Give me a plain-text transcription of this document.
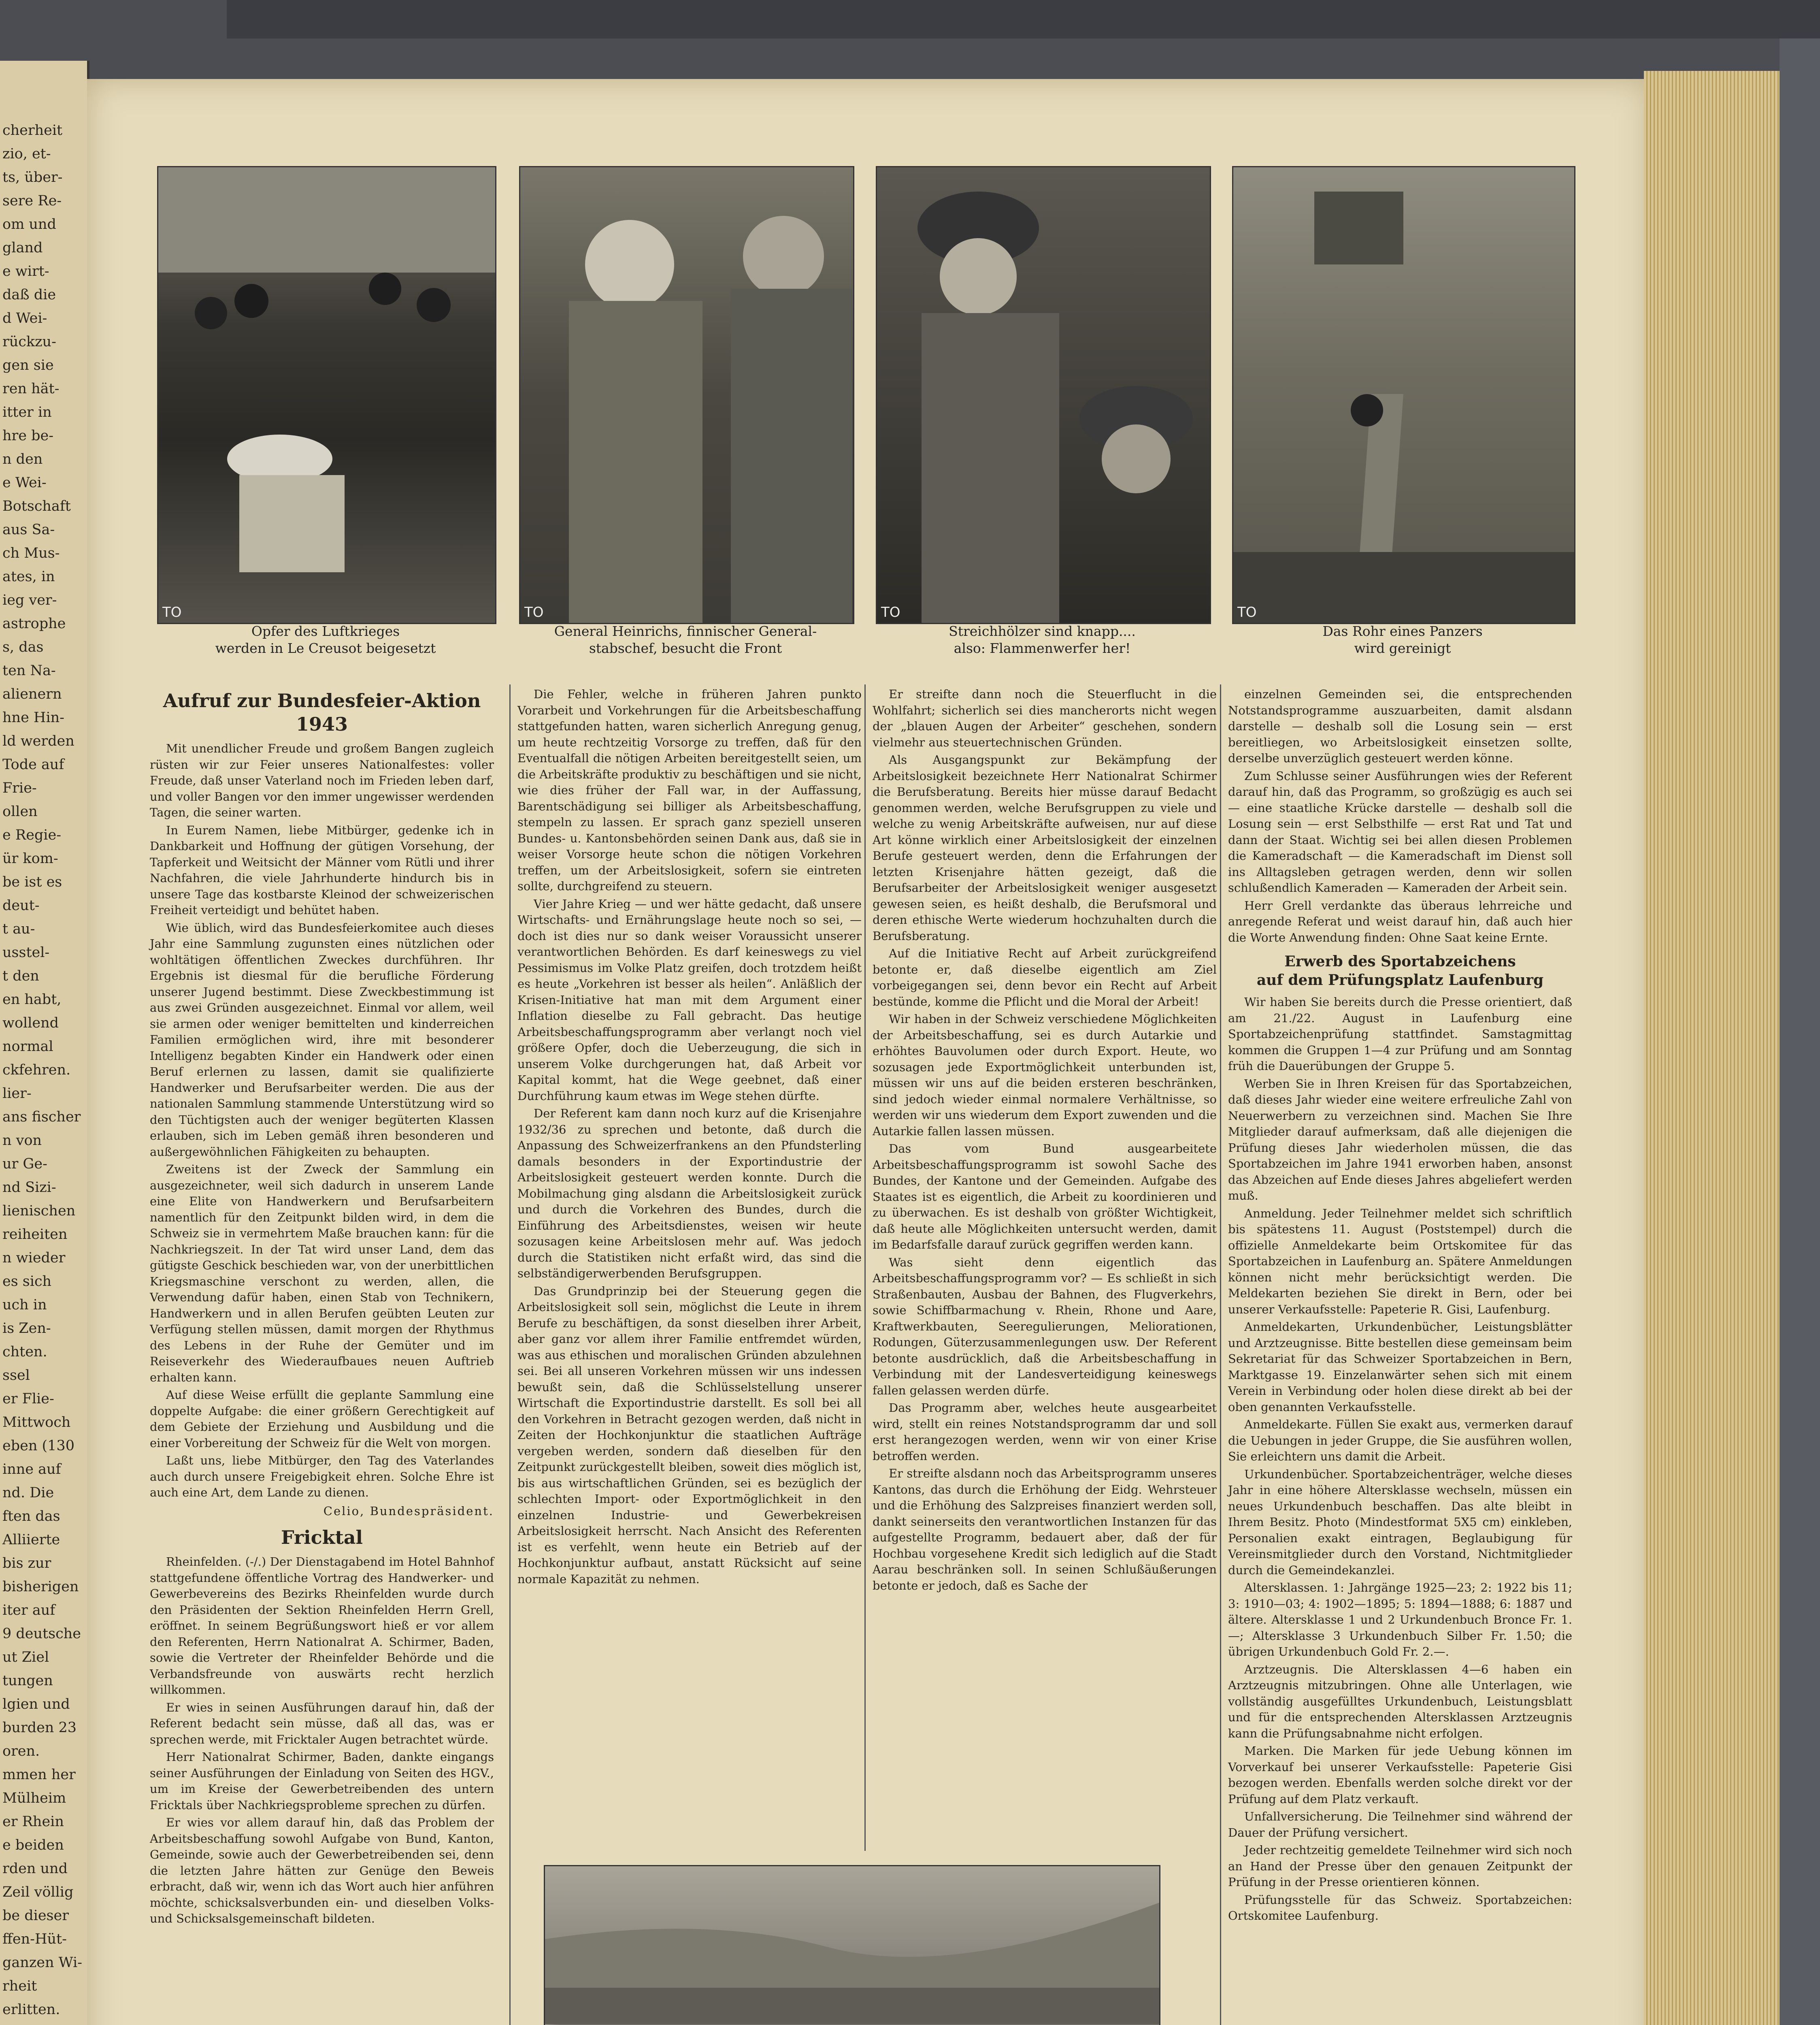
cherheit
zio, et-
ts, über-
sere Re-
om und
gland
e wirt-
daß die
d Wei-
rückzu-
gen sie
ren hät-
itter in
hre be-
n den
e Wei-
Botschaft
aus Sa-
ch Mus-
ates, in
ieg ver-
astrophe
s, das
ten Na-
alienern
hne Hin-
ld werden
Tode auf
Frie-
ollen
e Regie-
ür kom-
be ist es
deut-
t au-
usstel-
t den
en habt,
wollend
normal
ckfehren.
lier-
ans fischer
n von
ur Ge-
nd Sizi-
lienischen
reiheiten
n wieder
es sich
uch in
is Zen-
chten.
ssel
er Flie-
Mittwoch
eben (130
inne auf
nd. Die
ften das
Alliierte
bis zur
bisherigen
iter auf
9 deutsche
ut Ziel
tungen
lgien und
burden 23
oren.
mmen her
Mülheim
er Rhein
e beiden
rden und
Zeil völlig
be dieser
ffen-Hüt-
ganzen Wi-
rheit
erlitten.
TO	TO	TO	TO
Opfer des Luftkrieges
werden in Le Creusot beigesetzt
General Heinrichs, finnischer General-
stabschef, besucht die Front
Streichhölzer sind knapp....
also: Flammenwerfer her!
Das Rohr eines Panzers
wird gereinigt
Aufruf zur Bundesfeier-Aktion 1943

Mit unendlicher Freude und großem Bangen zugleich rüsten wir zur Feier unseres Nationalfestes: voller Freude, daß unser Vaterland noch im Frieden leben darf, und voller Bangen vor den immer ungewisser werdenden Tagen, die seiner warten.

In Eurem Namen, liebe Mitbürger, gedenke ich in Dankbarkeit und Hoffnung der gütigen Vorsehung, der Tapferkeit und Weitsicht der Männer vom Rütli und ihrer Nachfahren, die viele Jahrhunderte hindurch bis in unsere Tage das kostbarste Kleinod der schweizerischen Freiheit verteidigt und behütet haben.

Wie üblich, wird das Bundesfeierkomitee auch dieses Jahr eine Sammlung zugunsten eines nützlichen oder wohltätigen öffentlichen Zweckes durchführen. Ihr Ergebnis ist diesmal für die berufliche Förderung unserer Jugend bestimmt. Diese Zweckbestimmung ist aus zwei Gründen ausgezeichnet. Einmal vor allem, weil sie armen oder weniger bemittelten und kinderreichen Familien ermöglichen wird, ihre mit besonderer Intelligenz begabten Kinder ein Handwerk oder einen Beruf erlernen zu lassen, damit sie qualifizierte Handwerker und Berufsarbeiter werden. Die aus der nationalen Sammlung stammende Unterstützung wird so den Tüchtigsten auch der weniger begüterten Klassen erlauben, sich im Leben gemäß ihren besonderen und außergewöhnlichen Fähigkeiten zu behaupten.

Zweitens ist der Zweck der Sammlung ein ausgezeichneter, weil sich dadurch in unserem Lande eine Elite von Handwerkern und Berufsarbeitern namentlich für den Zeitpunkt bilden wird, in dem die Schweiz sie in vermehrtem Maße brauchen kann: für die Nachkriegszeit. In der Tat wird unser Land, dem das gütigste Geschick beschieden war, von der unerbittlichen Kriegsmaschine verschont zu werden, allen, die Verwendung dafür haben, einen Stab von Technikern, Handwerkern und in allen Berufen geübten Leuten zur Verfügung stellen müssen, damit morgen der Rhythmus des Lebens in der Ruhe der Gemüter und im Reiseverkehr des Wiederaufbaues neuen Auftrieb erhalten kann.

Auf diese Weise erfüllt die geplante Sammlung eine doppelte Aufgabe: die einer größern Gerechtigkeit auf dem Gebiete der Erziehung und Ausbildung und die einer Vorbereitung der Schweiz für die Welt von morgen.

Laßt uns, liebe Mitbürger, den Tag des Vaterlandes auch durch unsere Freigebigkeit ehren. Solche Ehre ist auch eine Art, dem Lande zu dienen.

Celio, Bundespräsident.
Fricktal

Rheinfelden. (-/.) Der Dienstagabend im Hotel Bahnhof stattgefundene öffentliche Vortrag des Handwerker- und Gewerbevereins des Bezirks Rheinfelden wurde durch den Präsidenten der Sektion Rheinfelden Herrn Grell, eröffnet. In seinem Begrüßungswort hieß er vor allem den Referenten, Herrn Nationalrat A. Schirmer, Baden, sowie die Vertreter der Rheinfelder Behörde und die Verbandsfreunde von auswärts recht herzlich willkommen.

Er wies in seinen Ausführungen darauf hin, daß der Referent bedacht sein müsse, daß all das, was er sprechen werde, mit Fricktaler Augen betrachtet würde.

Herr Nationalrat Schirmer, Baden, dankte eingangs seiner Ausführungen der Einladung von Seiten des HGV., um im Kreise der Gewerbetreibenden des untern Fricktals über Nachkriegsprobleme sprechen zu dürfen.

Er wies vor allem darauf hin, daß das Problem der Arbeitsbeschaffung sowohl Aufgabe von Bund, Kanton, Gemeinde, sowie auch der Gewerbetreibenden sei, denn die letzten Jahre hätten zur Genüge den Beweis erbracht, daß wir, wenn ich das Wort auch hier anführen möchte, schicksalsverbunden ein- und dieselben Volks- und Schicksalsgemeinschaft bildeten.

Die Fehler, welche in früheren Jahren punkto Vorarbeit und Vorkehrungen für die Arbeitsbeschaffung stattgefunden hatten, waren sicherlich Anregung genug, um heute rechtzeitig Vorsorge zu treffen, daß für den Eventualfall die nötigen Arbeiten bereitgestellt seien, um die Arbeitskräfte produktiv zu beschäftigen und sie nicht, wie dies früher der Fall war, in der Auffassung, Barentschädigung sei billiger als Arbeitsbeschaffung, stempeln zu lassen. Er sprach ganz speziell unseren Bundes- u. Kantonsbehörden seinen Dank aus, daß sie in weiser Vorsorge heute schon die nötigen Vorkehren treffen, um der Arbeitslosigkeit, sofern sie eintreten sollte, durchgreifend zu steuern.

Vier Jahre Krieg — und wer hätte gedacht, daß unsere Wirtschafts- und Ernährungslage heute noch so sei, — doch ist dies nur so dank weiser Voraussicht unserer verantwortlichen Behörden. Es darf keineswegs zu viel Pessimismus im Volke Platz greifen, doch trotzdem heißt es heute „Vorkehren ist besser als heilen“. Anläßlich der Krisen-Initiative hat man mit dem Argument einer Inflation dieselbe zu Fall gebracht. Das heutige Arbeitsbeschaffungsprogramm aber verlangt noch viel größere Opfer, doch die Ueberzeugung, die sich in unserem Volke durchgerungen hat, daß Arbeit vor Kapital kommt, hat die Wege geebnet, daß einer Durchführung kaum etwas im Wege stehen dürfte.

Der Referent kam dann noch kurz auf die Krisenjahre 1932/36 zu sprechen und betonte, daß durch die Anpassung des Schweizerfrankens an den Pfundsterling damals besonders in der Exportindustrie der Arbeitslosigkeit gesteuert werden konnte. Durch die Mobilmachung ging alsdann die Arbeitslosigkeit zurück und durch die Vorkehren des Bundes, durch die Einführung des Arbeitsdienstes, weisen wir heute sozusagen keine Arbeitslosen mehr auf. Was jedoch durch die Statistiken nicht erfaßt wird, das sind die selbständigerwerbenden Berufsgruppen.

Das Grundprinzip bei der Steuerung gegen die Arbeitslosigkeit soll sein, möglichst die Leute in ihrem Berufe zu beschäftigen, da sonst dieselben ihrer Arbeit, aber ganz vor allem ihrer Familie entfremdet würden, was aus ethischen und moralischen Gründen abzulehnen sei. Bei all unseren Vorkehren müssen wir uns indessen bewußt sein, daß die Schlüsselstellung unserer Wirtschaft die Exportindustrie darstellt. Es soll bei all den Vorkehren in Betracht gezogen werden, daß nicht in Zeiten der Hochkonjunktur die staatlichen Aufträge vergeben werden, sondern daß dieselben für den Zeitpunkt zurückgestellt bleiben, soweit dies möglich ist, bis aus wirtschaftlichen Gründen, sei es bezüglich der schlechten Import- oder Exportmöglichkeit in den einzelnen Industrie- und Gewerbekreisen Arbeitslosigkeit herrscht. Nach Ansicht des Referenten ist es verfehlt, wenn heute ein Betrieb auf der Hochkonjunktur aufbaut, anstatt Rücksicht auf seine normale Kapazität zu nehmen.

Er streifte dann noch die Steuerflucht in die Wohlfahrt; sicherlich sei dies mancherorts nicht wegen der „blauen Augen der Arbeiter“ geschehen, sondern vielmehr aus steuertechnischen Gründen.

Als Ausgangspunkt zur Bekämpfung der Arbeitslosigkeit bezeichnete Herr Nationalrat Schirmer die Berufsberatung. Bereits hier müsse darauf Bedacht genommen werden, welche Berufsgruppen zu viele und welche zu wenig Arbeitskräfte aufweisen, nur auf diese Art könne wirklich einer Arbeitslosigkeit der einzelnen Berufe gesteuert werden, denn die Erfahrungen der letzten Krisenjahre hätten gezeigt, daß die Berufsarbeiter der Arbeitslosigkeit weniger ausgesetzt gewesen seien, es heißt deshalb, die Berufsmoral und deren ethische Werte wiederum hochzuhalten durch die Berufsberatung.

Auf die Initiative Recht auf Arbeit zurückgreifend betonte er, daß dieselbe eigentlich am Ziel vorbeigegangen sei, denn bevor ein Recht auf Arbeit bestünde, komme die Pflicht und die Moral der Arbeit!

Wir haben in der Schweiz verschiedene Möglichkeiten der Arbeitsbeschaffung, sei es durch Autarkie und erhöhtes Bauvolumen oder durch Export. Heute, wo sozusagen jede Exportmöglichkeit unterbunden ist, müssen wir uns auf die beiden ersteren beschränken, sind jedoch wieder einmal normalere Verhältnisse, so werden wir uns wiederum dem Export zuwenden und die Autarkie fallen lassen müssen.

Das vom Bund ausgearbeitete Arbeitsbeschaffungsprogramm ist sowohl Sache des Bundes, der Kantone und der Gemeinden. Aufgabe des Staates ist es eigentlich, die Arbeit zu koordinieren und zu überwachen. Es ist deshalb von größter Wichtigkeit, daß heute alle Möglichkeiten untersucht werden, damit im Bedarfsfalle darauf zurück gegriffen werden kann.

Was sieht denn eigentlich das Arbeitsbeschaffungsprogramm vor? — Es schließt in sich Straßenbauten, Ausbau der Bahnen, des Flugverkehrs, sowie Schiffbarmachung v. Rhein, Rhone und Aare, Kraftwerkbauten, Seeregulierungen, Meliorationen, Rodungen, Güterzusammenlegungen usw. Der Referent betonte ausdrücklich, daß die Arbeitsbeschaffung in Verbindung mit der Landesverteidigung keineswegs fallen gelassen werden dürfe.

Das Programm aber, welches heute ausgearbeitet wird, stellt ein reines Notstandsprogramm dar und soll erst herangezogen werden, wenn wir von einer Krise betroffen werden.

Er streifte alsdann noch das Arbeitsprogramm unseres Kantons, das durch die Erhöhung der Eidg. Wehrsteuer und die Erhöhung des Salzpreises finanziert werden soll, dankt seinerseits den verantwortlichen Instanzen für das aufgestellte Programm, bedauert aber, daß der für Hochbau vorgesehene Kredit sich lediglich auf die Stadt Aarau beschränken soll. In seinen Schlußäußerungen betonte er jedoch, daß es Sache der

einzelnen Gemeinden sei, die entsprechenden Notstandsprogramme auszuarbeiten, damit alsdann darstelle — deshalb soll die Losung sein — erst bereitliegen, wo Arbeitslosigkeit einsetzen sollte, derselbe unverzüglich gesteuert werden könne.

Zum Schlusse seiner Ausführungen wies der Referent darauf hin, daß das Programm, so großzügig es auch sei — eine staatliche Krücke darstelle — deshalb soll die Losung sein — erst Selbsthilfe — erst Rat und Tat und dann der Staat. Wichtig sei bei allen diesen Problemen die Kameradschaft — die Kameradschaft im Dienst soll ins Alltagsleben getragen werden, denn wir sollen schlußendlich Kameraden — Kameraden der Arbeit sein.

Herr Grell verdankte das überaus lehrreiche und anregende Referat und weist darauf hin, daß auch hier die Worte Anwendung finden: Ohne Saat keine Ernte.

Erwerb des Sportabzeichens
auf dem Prüfungsplatz Laufenburg

Wir haben Sie bereits durch die Presse orientiert, daß am 21./22. August in Laufenburg eine Sportabzeichenprüfung stattfindet. Samstagmittag kommen die Gruppen 1—4 zur Prüfung und am Sonntag früh die Dauerübungen der Gruppe 5.

Werben Sie in Ihren Kreisen für das Sportabzeichen, daß dieses Jahr wieder eine weitere erfreuliche Zahl von Neuerwerbern zu verzeichnen sind. Machen Sie Ihre Mitglieder darauf aufmerksam, daß alle diejenigen die Prüfung dieses Jahr wiederholen müssen, die das Sportabzeichen im Jahre 1941 erworben haben, ansonst das Abzeichen auf Ende dieses Jahres abgeliefert werden muß.

Anmeldung. Jeder Teilnehmer meldet sich schriftlich bis spätestens 11. August (Poststempel) durch die offizielle Anmeldekarte beim Ortskomitee für das Sportabzeichen in Laufenburg an. Spätere Anmeldungen können nicht mehr berücksichtigt werden. Die Meldekarten beziehen Sie direkt in Bern, oder bei unserer Verkaufsstelle: Papeterie R. Gisi, Laufenburg.

Anmeldekarten, Urkundenbücher, Leistungsblätter und Arztzeugnisse. Bitte bestellen diese gemeinsam beim Sekretariat für das Schweizer Sportabzeichen in Bern, Marktgasse 19. Einzelanwärter sehen sich mit einem Verein in Verbindung oder holen diese direkt ab bei der oben genannten Verkaufsstelle.

Anmeldekarte. Füllen Sie exakt aus, vermerken darauf die Uebungen in jeder Gruppe, die Sie ausführen wollen, Sie erleichtern uns damit die Arbeit.

Urkundenbücher. Sportabzeichenträger, welche dieses Jahr in eine höhere Altersklasse wechseln, müssen ein neues Urkundenbuch beschaffen. Das alte bleibt in Ihrem Besitz. Photo (Mindestformat 5X5 cm) einkleben, Personalien exakt eintragen, Beglaubigung für Vereinsmitglieder durch den Vorstand, Nichtmitglieder durch die Gemeindekanzlei.

Altersklassen. 1: Jahrgänge 1925—23; 2: 1922 bis 11; 3: 1910—03; 4: 1902—1895; 5: 1894—1888; 6: 1887 und ältere. Altersklasse 1 und 2 Urkundenbuch Bronce Fr. 1.—; Altersklasse 3 Urkundenbuch Silber Fr. 1.50; die übrigen Urkundenbuch Gold Fr. 2.—.

Arztzeugnis. Die Altersklassen 4—6 haben ein Arztzeugnis mitzubringen. Ohne alle Unterlagen, wie vollständig ausgefülltes Urkundenbuch, Leistungsblatt und für die entsprechenden Altersklassen Arztzeugnis kann die Prüfungsabnahme nicht erfolgen.

Marken. Die Marken für jede Uebung können im Vorverkauf bei unserer Verkaufsstelle: Papeterie Gisi bezogen werden. Ebenfalls werden solche direkt vor der Prüfung auf dem Platz verkauft.

Unfallversicherung. Die Teilnehmer sind während der Dauer der Prüfung versichert.

Jeder rechtzeitig gemeldete Teilnehmer wird sich noch an Hand der Presse über den genauen Zeitpunkt der Prüfung in der Presse orientieren können.

Prüfungsstelle für das Schweiz. Sportabzeichen: Ortskomitee Laufenburg.
